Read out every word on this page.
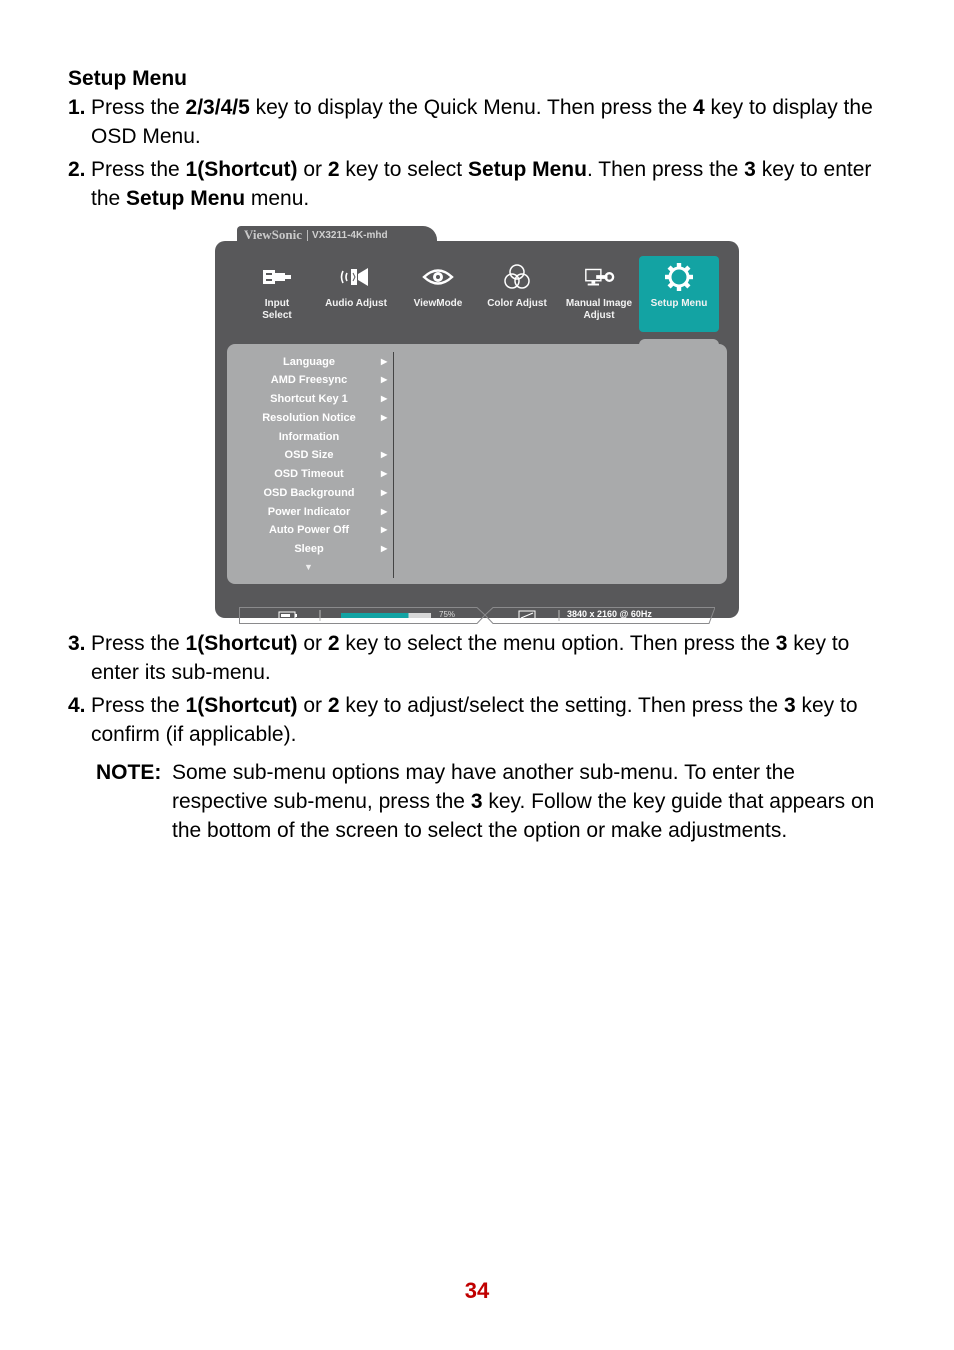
Setup Menu
1. Press the 2/3/4/5 key to display the Quick Menu. Then press the 4 key to display the OSD Menu.
2. Press the 1(Shortcut) or 2 key to select Setup Menu. Then press the 3 key to enter the Setup Menu menu.
ViewSonic	VX3211-4K-mhd
Input
Select
Audio Adjust	ViewMode	Color Adjust	Manual Image
Adjust
Setup Menu
Language	▶
AMD Freesync	▶
Shortcut Key 1	▶
Resolution Notice	▶
Information
OSD Size	▶
OSD Timeout	▶
OSD Background	▶
Power Indicator	▶
Auto Power Off	▶
Sleep	▶
▼
75%	3840 x 2160 @ 60Hz
3. Press the 1(Shortcut) or 2 key to select the menu option. Then press the 3 key to enter its sub-menu.
4. Press the 1(Shortcut) or 2 key to adjust/select the setting. Then press the 3 key to confirm (if applicable).
NOTE: Some sub-menu options may have another sub-menu. To enter the respective sub-menu, press the 3 key. Follow the key guide that appears on the bottom of the screen to select the option or make adjustments.
34
